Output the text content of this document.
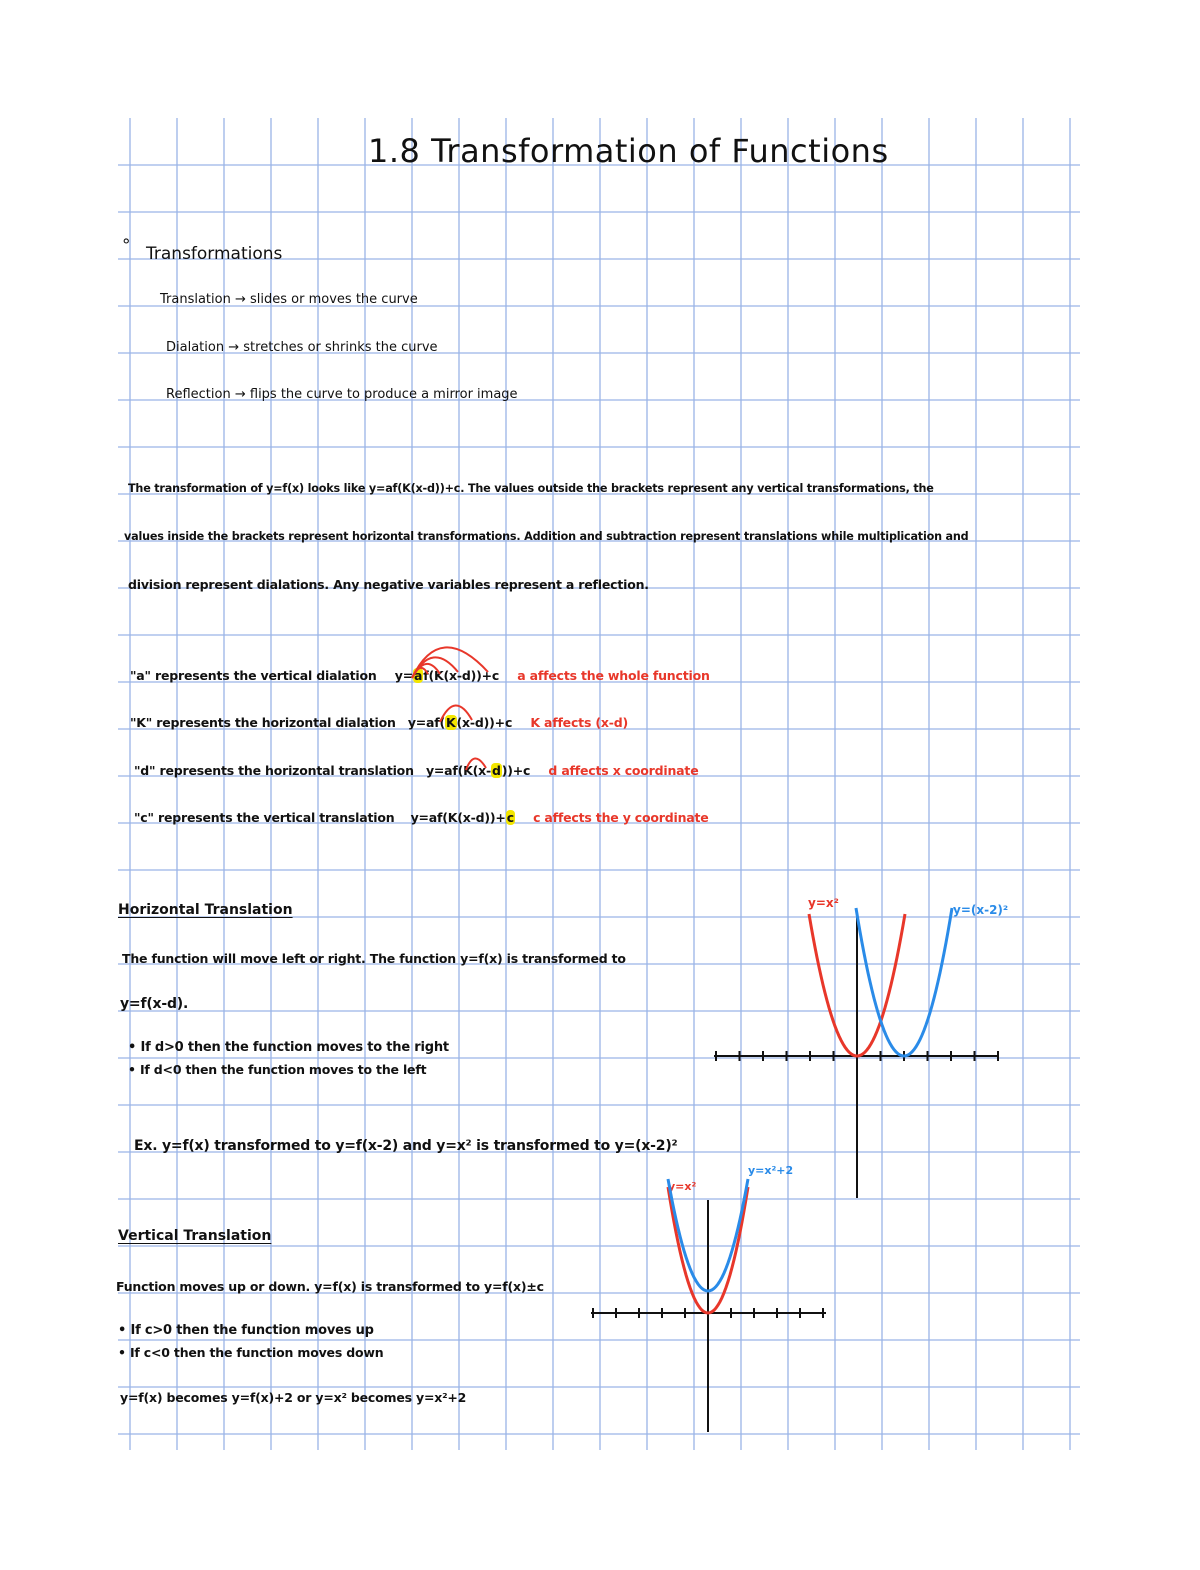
1.8 Transformation of Functions
° Transformations
Translation → slides or moves the curve
Dialation → stretches or shrinks the curve
Reflection → flips the curve to produce a mirror image
The transformation of y=f(x) looks like y=af(K(x-d))+c. The values outside the brackets represent any vertical transformations, the
values inside the brackets represent horizontal transformations. Addition and subtraction represent translations while multiplication and
division represent dialations. Any negative variables represent a reflection.
"a" represents the vertical dialation y=af(K(x-d))+c a affects the whole function
"K" represents the horizontal dialation y=af(K(x-d))+c K affects (x-d)
"d" represents the horizontal translation y=af(K(x-d))+c d affects x coordinate
"c" represents the vertical translation y=af(K(x-d))+c c affects the y coordinate
Horizontal Translation
The function will move left or right. The function y=f(x) is transformed to
y=f(x-d).
• If d>0 then the function moves to the right
• If d<0 then the function moves to the left
Ex. y=f(x) transformed to y=f(x-2) and y=x² is transformed to y=(x-2)²
Vertical Translation
Function moves up or down. y=f(x) is transformed to y=f(x)±c
• If c>0 then the function moves up
• If c<0 then the function moves down
y=f(x) becomes y=f(x)+2 or y=x² becomes y=x²+2
y=x²	y=(x-2)²
y=x²
y=x²+2
